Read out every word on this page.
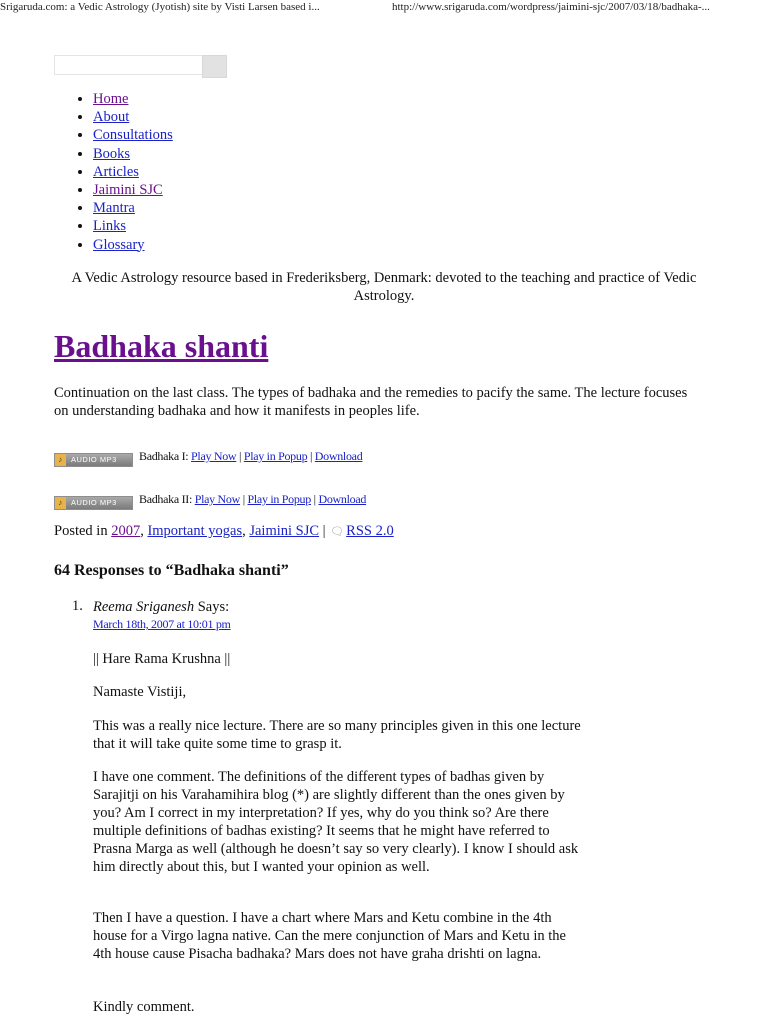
Srigaruda.com: a Vedic Astrology (Jyotish) site by Visti Larsen based i...	http://www.srigaruda.com/wordpress/jaimini-sjc/2007/03/18/badhaka-...
• Home
• About
• Consultations
• Books
• Articles
• Jaimini SJC
• Mantra
• Links
• Glossary
A Vedic Astrology resource based in Frederiksberg, Denmark: devoted to the teaching and practice of Vedic Astrology.
Badhaka shanti

Continuation on the last class. The types of badhaka and the remedies to pacify the same. The lecture focuses on understanding badhaka and how it manifests in peoples life.

♪ AUDIO MP3 Badhaka I: Play Now | Play in Popup | Download
♪ AUDIO MP3 Badhaka II: Play Now | Play in Popup | Download
Posted in 2007, Important yogas, Jaimini SJC | 🗨 RSS 2.0
64 Responses to “Badhaka shanti”
1. Reema Sriganesh Says:
March 18th, 2007 at 10:01 pm

|| Hare Rama Krushna ||

Namaste Vistiji,

This was a really nice lecture. There are so many principles given in this one lecture that it will take quite some time to grasp it.

I have one comment. The definitions of the different types of badhas given by Sarajitji on his Varahamihira blog (*) are slightly different than the ones given by you? Am I correct in my interpretation? If yes, why do you think so? Are there multiple definitions of badhas existing? It seems that he might have referred to Prasna Marga as well (although he doesn’t say so very clearly). I know I should ask him directly about this, but I wanted your opinion as well.

Then I have a question. I have a chart where Mars and Ketu combine in the 4th house for a Virgo lagna native. Can the mere conjunction of Mars and Ketu in the 4th house cause Pisacha badhaka? Mars does not have graha drishti on lagna.

Kindly comment.
